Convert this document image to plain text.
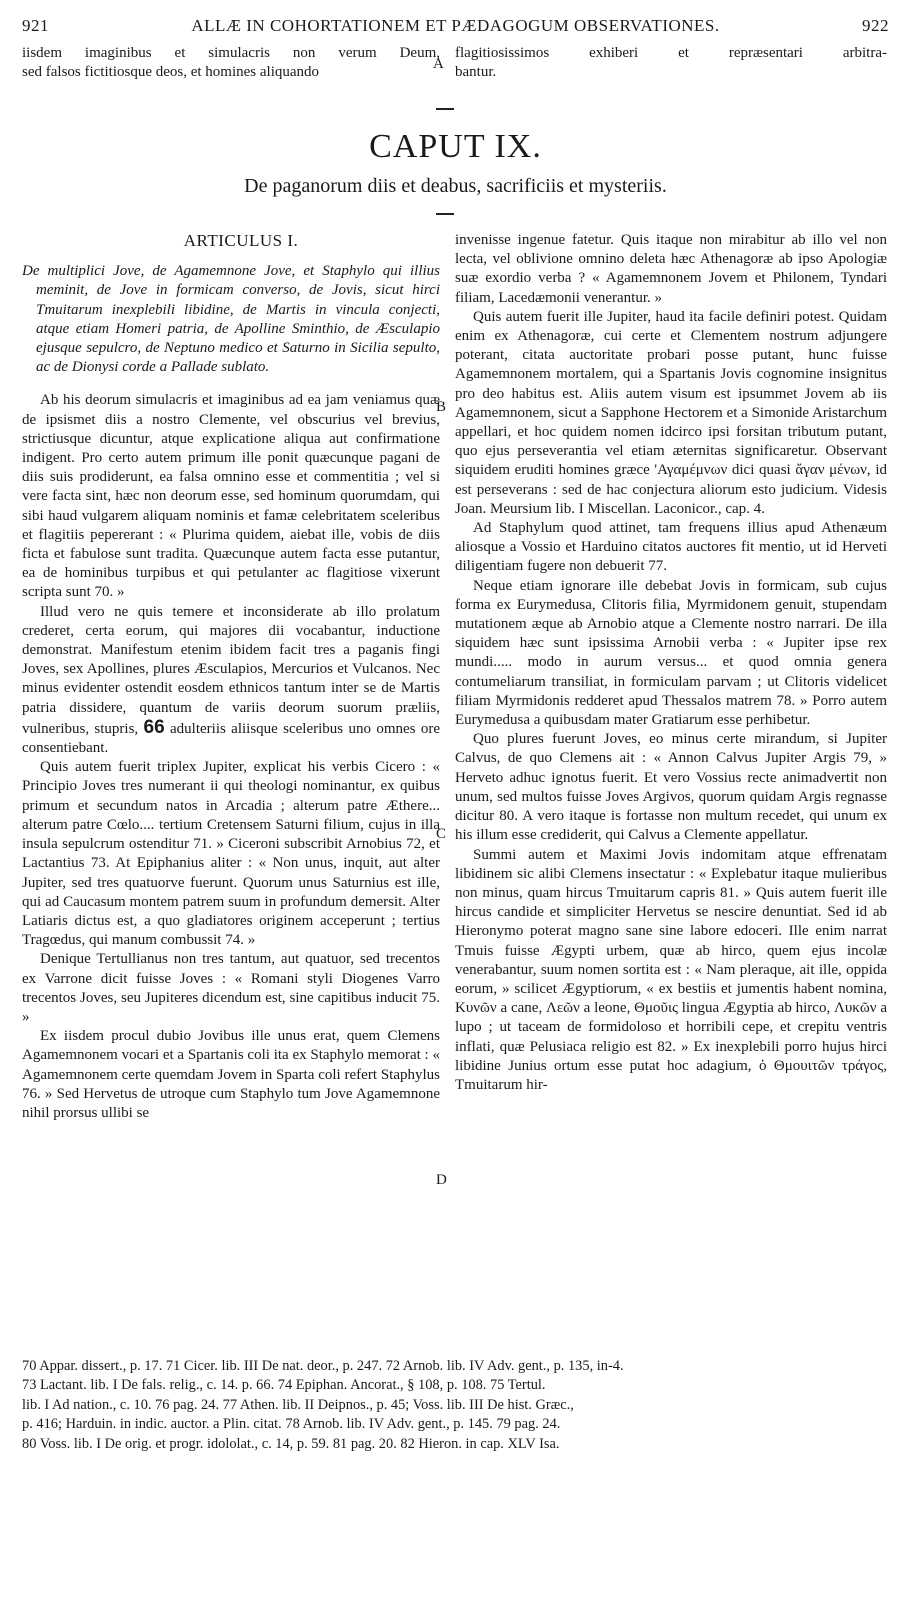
921	ALLÆ IN COHORTATIONEM ET PÆDAGOGUM OBSERVATIONES.	922
iisdem imaginibus et simulacris non verum Deum,
sed falsos fictitiosque deos, et homines aliquando
A
flagitiosissimos exhiberi et repræsentari arbitra-
bantur.
CAPUT IX.
De paganorum diis et deabus, sacrificiis et mysteriis.
ARTICULUS I.

De multiplici Jove, de Agamemnone Jove, et Staphylo qui illius meminit, de Jove in formicam conversо, de Jovis, sicut hirci Tmuitarum inexplebili libidine, de Martis in vincula conjecti, atque etiam Homeri patria, de Apolline Sminthio, de Æsculapio ejusque sepulcro, de Neptuno medico et Saturno in Sicilia sepulto, ac de Dionysi corde a Pallade sublato.

Ab his deorum simulacris et imaginibus ad ea jam veniamus quæ de ipsismet diis a nostro Clemente, vel obscurius vel brevius, strictiusque dicuntur, atque explicatione aliqua aut confirmatione indigent. Pro certo autem primum ille ponit quæcunque pagani de diis suis prodiderunt, ea falsa omnino esse et commentitia ; vel si vere facta sint, hæc non deorum esse, sed hominum quorumdam, qui sibi haud vulgarem aliquam nominis et famæ celebritatem sceleribus et flagitiis pepererant : « Plurima quidem, aiebat ille, vobis de diis ficta et fabulose sunt tradita. Quæcunque autem facta esse putantur, ea de hominibus turpibus et qui petulanter ac flagitiose vixerunt scripta sunt 70. »

Illud vero ne quis temere et inconsiderate ab illo prolatum crederet, certa eorum, qui majores dii vocabantur, inductione demonstrat. Manifestum etenim ibidem facit tres a paganis fingi Joves, sex Apollines, plures Æsculapios, Mercurios et Vulcanos. Nec minus evidenter ostendit eosdem ethnicos tantum inter se de Martis patria dissidere, quantum de variis deorum suorum præliis, vulneribus, stupris, 66 adulteriis aliisque sceleribus uno omnes ore consentiebant.

Quis autem fuerit triplex Jupiter, explicat his verbis Cicero : « Principio Joves tres numerant ii qui theologi nominantur, ex quibus primum et secundum natos in Arcadia ; alterum patre Æthere... alterum patre Cœlo.... tertium Cretensem Saturni filium, cujus in illa insula sepulcrum ostenditur 71. » Ciceroni subscribit Arnobius 72, et Lactantius 73. At Epiphanius aliter : « Non unus, inquit, aut alter Jupiter, sed tres quatuorve fuerunt. Quorum unus Saturnius est ille, qui ad Caucasum montem patrem suum in profundum demersit. Alter Latiaris dictus est, a quo gladiatores originem acceperunt ; tertius Tragœdus, qui manum combussit 74. »

Denique Tertullianus non tres tantum, aut quatuor, sed trecentos ex Varrone dicit fuisse Joves : « Romani styli Diogenes Varro trecentos Joves, seu Jupiteres dicendum est, sine capitibus inducit 75. »

Ex iisdem procul dubio Jovibus ille unus erat, quem Clemens Agamemnonem vocari et a Spartanis coli ita ex Staphylo memorat : « Agamemnonem certe quemdam Jovem in Sparta coli refert Staphylus 76. » Sed Hervetus de utroque cum Staphylo tum Jove Agamemnone nihil prorsus ullibi se

B
C
D

invenisse ingenue fatetur. Quis itaque non mirabitur ab illo vel non lecta, vel oblivione omnino deleta hæc Athenagoræ ab ipso Apologiæ suæ exordio verba ? « Agamemnonem Jovem et Philonem, Tyndari filiam, Lacedæmonii venerantur. »

Quis autem fuerit ille Jupiter, haud ita facile definiri potest. Quidam enim ex Athenagoræ, cui certe et Clementem nostrum adjungere poterant, citata auctoritate probari posse putant, hunc fuisse Agamemnonem mortalem, qui a Spartanis Jovis cognomine insignitus pro deo habitus est. Aliis autem visum est ipsummet Jovem ab iis Agamemnonem, sicut a Sapphone Hectorem et a Simonide Aristarchum appellari, et hoc quidem nomen idcirco ipsi forsitan tributum putant, quo ejus perseverantia vel etiam æternitas significaretur. Observant siquidem eruditi homines græce 'Αγαμέμνων dici quasi ἄγαν μένων, id est perseverans : sed de hac conjectura aliorum esto judicium. Videsis Joan. Meursium lib. I Miscellan. Laconicor., cap. 4.

Ad Staphylum quod attinet, tam frequens illius apud Athenæum aliosque a Vossio et Harduino citatos auctores fit mentio, ut id Herveti diligentiam fugere non debuerit 77.

Neque etiam ignorare ille debebat Jovis in formicam, sub cujus forma ex Eurymedusa, Clitoris filia, Myrmidonem genuit, stupendam mutationem æque ab Arnobio atque a Clemente nostro narrari. De illa siquidem hæc sunt ipsissima Arnobii verba : « Jupiter ipse rex mundi..... modo in aurum versus... et quod omnia genera contumeliarum transiliat, in formiculam parvam ; ut Clitoris videlicet filiam Myrmidonis redderet apud Thessalos matrem 78. » Porro autem Eurymedusa a quibusdam mater Gratiarum esse perhibetur.

Quo plures fuerunt Joves, eo minus certe mirandum, si Jupiter Calvus, de quo Clemens ait : « Annon Calvus Jupiter Argis 79, » Herveto adhuc ignotus fuerit. Et vero Vossius recte animadvertit non unum, sed multos fuisse Joves Argivos, quorum quidam Argis regnasse dicitur 80. A vero itaque is fortasse non multum recedet, qui unum ex his illum esse crediderit, qui Calvus a Clemente appellatur.

Summi autem et Maximi Jovis indomitam atque effrenatam libidinem sic alibi Clemens insectatur : « Explebatur itaque mulieribus non minus, quam hircus Tmuitarum capris 81. » Quis autem fuerit ille hircus candide et simpliciter Hervetus se nescire denuntiat. Sed id ab Hieronymo poterat magno sane sine labore edoceri. Ille enim narrat Tmuis fuisse Ægypti urbem, quæ ab hirco, quem ejus incolæ venerabantur, suum nomen sortita est : « Nam pleraque, ait ille, oppida eorum, » scilicet Ægyptiorum, « ex bestiis et jumentis habent nomina, Κυνῶν a cane, Λεῶν a leone, Θμοῦις lingua Ægyptia ab hirco, Λυκῶν a lupo ; ut taceam de formidoloso et horribili cepe, et crepitu ventris inflati, quæ Pelusiaca religio est 82. » Ex inexplebili porro hujus hirci libidine Junius ortum esse putat hoc adagium, ὁ Θμουιτῶν τράγος, Tmuitarum hir-

70 Appar. dissert., p. 17. 71 Cicer. lib. III De nat. deor., p. 247. 72 Arnob. lib. IV Adv. gent., p. 135, in-4.
73 Lactant. lib. I De fals. relig., c. 14. p. 66. 74 Epiphan. Ancorat., § 108, p. 108. 75 Tertul.
lib. I Ad nation., c. 10. 76 pag. 24. 77 Athen. lib. II Deipnos., p. 45; Voss. lib. III De hist. Græc.,
p. 416; Harduin. in indic. auctor. a Plin. citat. 78 Arnob. lib. IV Adv. gent., p. 145. 79 pag. 24.
80 Voss. lib. I De orig. et progr. idololat., c. 14, p. 59. 81 pag. 20. 82 Hieron. in cap. XLV Isa.
